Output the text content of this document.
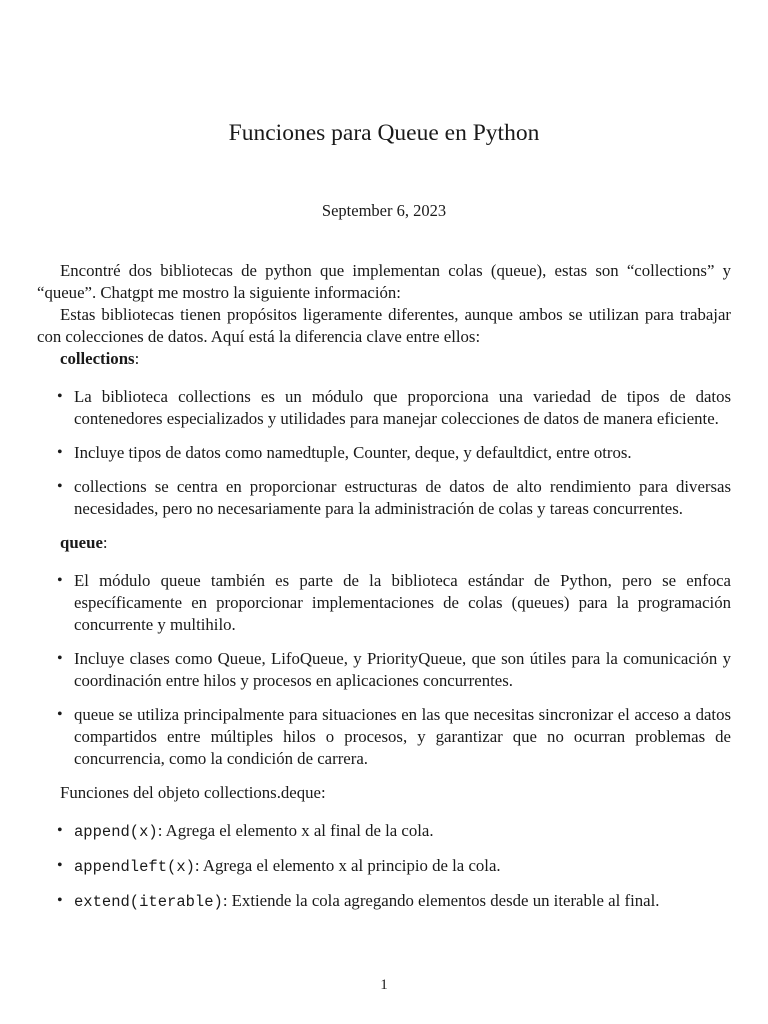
Funciones para Queue en Python
September 6, 2023

Encontré dos bibliotecas de python que implementan colas (queue), estas son “collections” y “queue”. Chatgpt me mostro la siguiente información:

Estas bibliotecas tienen propósitos ligeramente diferentes, aunque ambos se utilizan para trabajar con colecciones de datos. Aquí está la diferencia clave entre ellos:

collections:

• La biblioteca collections es un módulo que proporciona una variedad de tipos de datos contenedores especializados y utilidades para manejar colecciones de datos de manera eficiente.
• Incluye tipos de datos como namedtuple, Counter, deque, y defaultdict, entre otros.
• collections se centra en proporcionar estructuras de datos de alto rendimiento para diversas necesidades, pero no necesariamente para la administración de colas y tareas concurrentes.

queue:

• El módulo queue también es parte de la biblioteca estándar de Python, pero se enfoca específicamente en proporcionar implementaciones de colas (queues) para la programación concurrente y multihilo.
• Incluye clases como Queue, LifoQueue, y PriorityQueue, que son útiles para la comunicación y coordinación entre hilos y procesos en aplicaciones concurrentes.
• queue se utiliza principalmente para situaciones en las que necesitas sincronizar el acceso a datos compartidos entre múltiples hilos o procesos, y garantizar que no ocurran problemas de concurrencia, como la condición de carrera.

Funciones del objeto collections.deque:

• append(x): Agrega el elemento x al final de la cola.
• appendleft(x): Agrega el elemento x al principio de la cola.
• extend(iterable): Extiende la cola agregando elementos desde un iterable al final.
1
